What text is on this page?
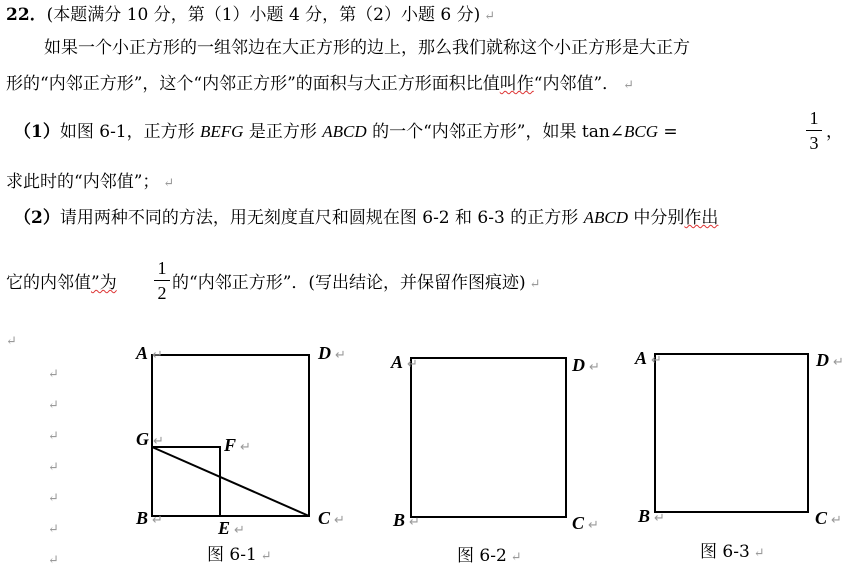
22．(本题满分 10 分，第（1）小题 4 分，第（2）小题 6 分) ↵
如果一个小正方形的一组邻边在大正方形的边上，那么我们就称这个小正方形是大正方
形的“内邻正方形”，这个“内邻正方形”的面积与大正方形面积比值叫作“内邻值”． ↵
（1）如图 6-1，正方形 BEFG 是正方形 ABCD 的一个“内邻正方形”，如果 tan∠BCG =
1
3
，
求此时的“内邻值”； ↵
（2）请用两种不同的方法，用无刻度直尺和圆规在图 6-2 和 6-3 的正方形 ABCD 中分别作出
它的内邻值”为
1
2 的“内邻正方形”．(写出结论，并保留作图痕迹) ↵
↵
↵
↵
↵
↵
↵
↵
↵
A ↵	D ↵
G ↵	F ↵
B ↵	E ↵
C ↵
图 6-1 ↵
A ↵	D ↵
B ↵	C ↵
图 6-2 ↵
A ↵	D ↵
B ↵	C ↵
图 6-3 ↵
